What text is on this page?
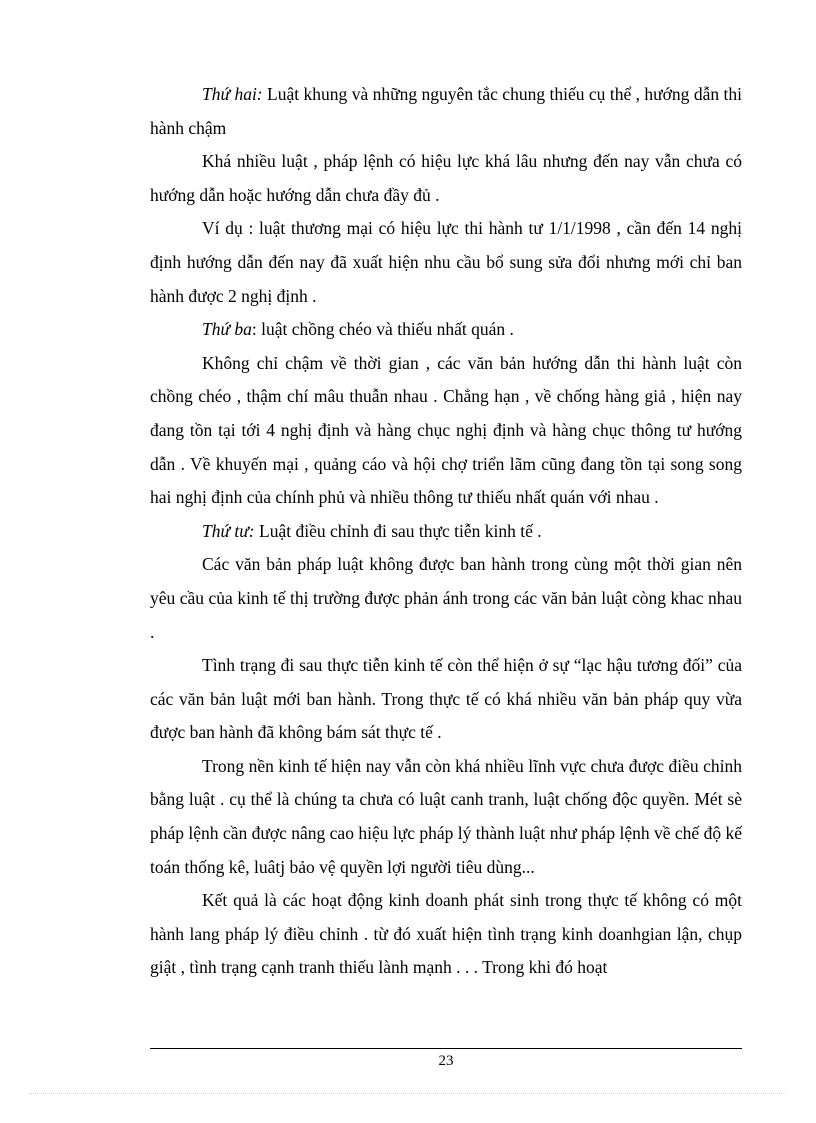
Thứ hai: Luật khung và những nguyên tắc chung thiếu cụ thể , hướng dẫn thi hành chậm

Khá nhiều luật , pháp lệnh có hiệu lực khá lâu nhưng đến nay vẫn chưa có hướng dẫn hoặc hướng dẫn chưa đầy đủ .

Ví dụ : luật thương mại có hiệu lực thi hành tư 1/1/1998 , cần đến 14 nghị định hướng dẫn đến nay đã xuất hiện nhu cầu bổ sung sửa đổi nhưng mới chỉ ban hành được 2 nghị định .

Thứ ba: luật chồng chéo và thiếu nhất quán .

Không chỉ chậm về thời gian , các văn bản hướng dẫn thi hành luật còn chồng chéo , thậm chí mâu thuẫn nhau . Chẳng hạn , về chống hàng giả , hiện nay đang tồn tại tới 4 nghị định và hàng chục nghị định và hàng chục thông tư hướng dẫn . Về khuyến mại , quảng cáo và hội chợ triển lãm cũng đang tồn tại song song hai nghị định của chính phủ và nhiều thông tư thiếu nhất quán với nhau .

Thứ tư: Luật điều chỉnh đi sau thực tiễn kinh tế .

Các văn bản pháp luật không được ban hành trong cùng một thời gian nên yêu cầu của kinh tế thị trường được phản ánh trong các văn bản luật còng khac nhau .

Tình trạng đi sau thực tiễn kinh tế còn thể hiện ở sự “lạc hậu tương đối” của các văn bản luật mới ban hành. Trong thực tế có khá nhiều văn bản pháp quy vừa được ban hành đã không bám sát thực tế .

Trong nền kinh tế hiện nay vẫn còn khá nhiều lĩnh vực chưa được điều chỉnh bằng luật . cụ thể là chúng ta chưa có luật canh tranh, luật chống độc quyền. Mét sè pháp lệnh cần được nâng cao hiệu lực pháp lý thành luật như pháp lệnh về chế độ kế toán thống kê, luâtj bảo vệ quyền lợi người tiêu dùng...

Kết quả là các hoạt động kinh doanh phát sinh trong thực tế không có một hành lang pháp lý điều chỉnh . từ đó xuất hiện tình trạng kinh doanhgian lận, chụp giật , tình trạng cạnh tranh thiếu lành mạnh . . . Trong khi đó hoạt

23
